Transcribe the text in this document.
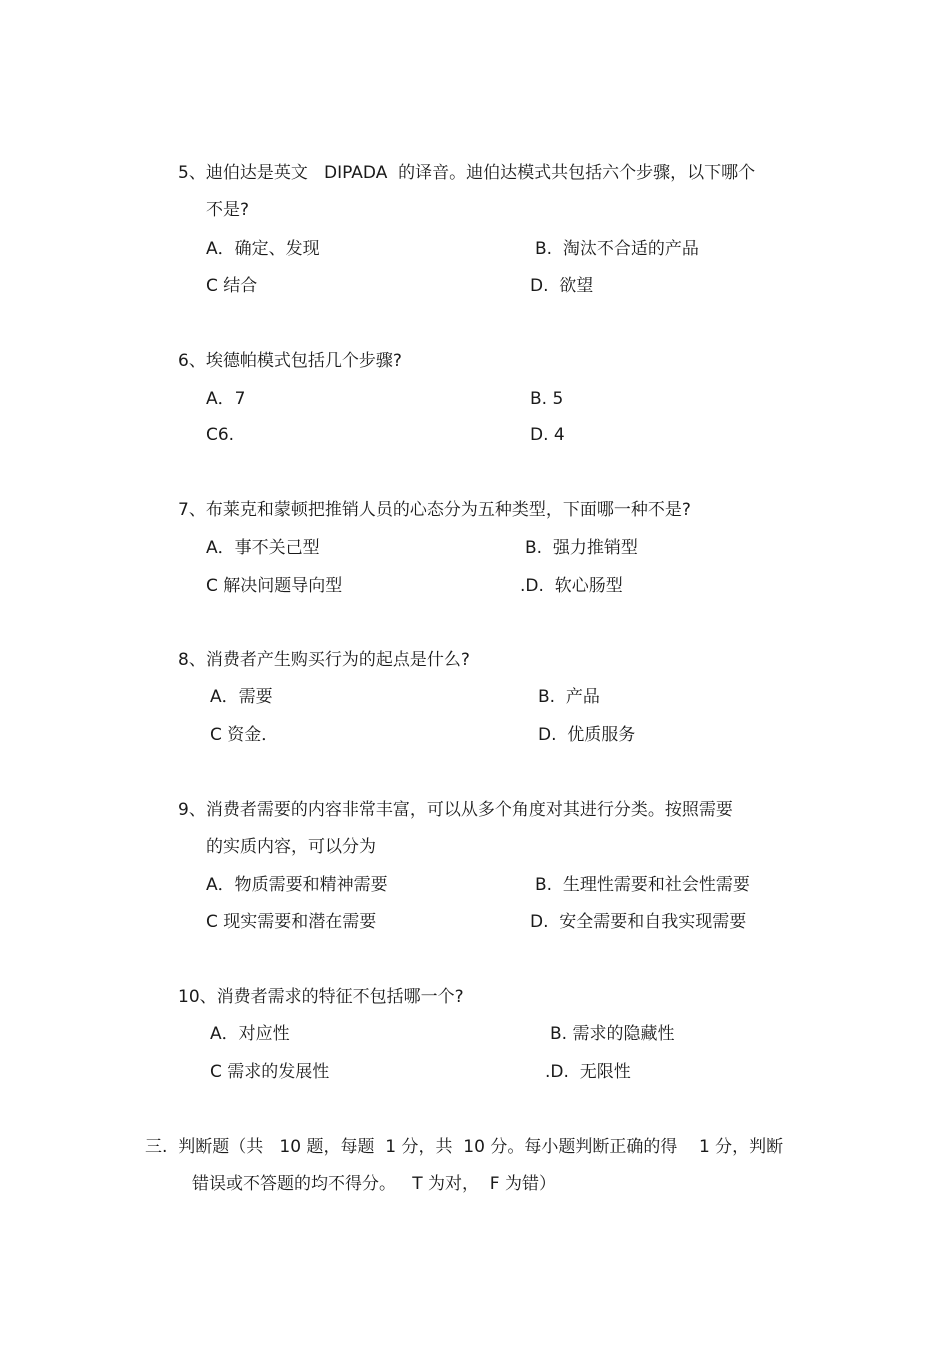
5、迪伯达是英文   DIPADA  的译音。迪伯达模式共包括六个步骤，以下哪个
不是?
A．确定、发现	B.  淘汰不合适的产品
C 结合	D.  欲望
6、埃德帕模式包括几个步骤?
A．7	B. 5
C6.	D. 4
7、布莱克和蒙顿把推销人员的心态分为五种类型，下面哪一种不是?
A．事不关己型	B.  强力推销型
C 解决问题导向型	.D.  软心肠型
8、消费者产生购买行为的起点是什么?
A．需要	B.  产品
C 资金．	D.  优质服务
9、消费者需要的内容非常丰富，可以从多个角度对其进行分类。按照需要
的实质内容，可以分为
A．物质需要和精神需要	B.  生理性需要和社会性需要
C 现实需要和潜在需要	D.  安全需要和自我实现需要
10、消费者需求的特征不包括哪一个?
A．对应性	B. 需求的隐藏性
C 需求的发展性	.D.  无限性
三.  判断题（共   10 题，每题  1 分，共  10 分。每小题判断正确的得    1 分，判断
错误或不答题的均不得分。   T 为对，  F 为错）
